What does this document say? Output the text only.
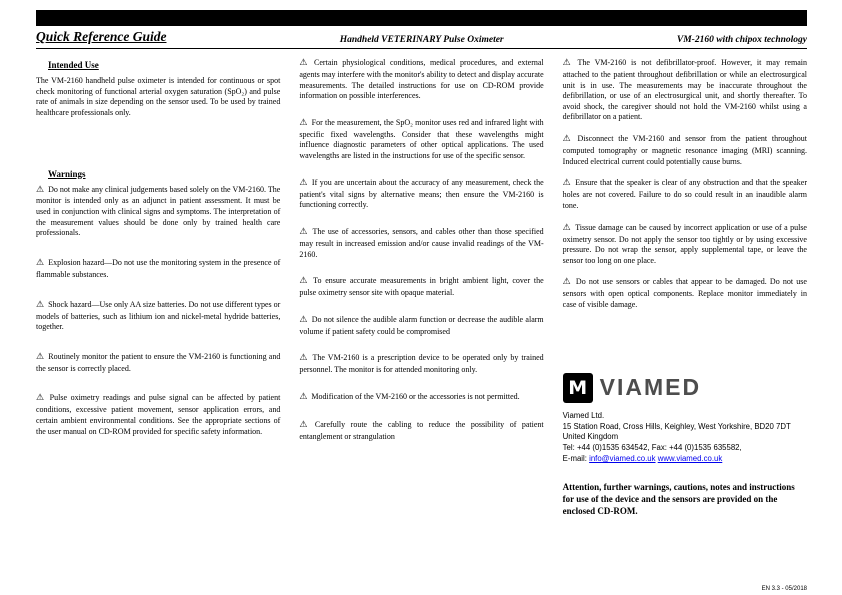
Quick Reference Guide	Handheld VETERINARY Pulse Oximeter	VM-2160 with chipox technology
Intended Use

The VM-2160 handheld pulse oximeter is intended for continuous or spot check monitoring of functional arterial oxygen saturation (SpO₂) and pulse rate of animals in size depending on the sensor used. To be used by trained healthcare professionals only.

Warnings

⚠ Do not make any clinical judgements based solely on the VM-2160. The monitor is intended only as an adjunct in patient assessment. It must be used in conjunction with clinical signs and symptoms. The interpretation of the measurement values should be done only by trained health care professionals.

⚠ Explosion hazard—Do not use the monitoring system in the presence of flammable substances.

⚠ Shock hazard—Use only AA size batteries. Do not use different types or models of batteries, such as lithium ion and nickel-metal hydride batteries, together.

⚠ Routinely monitor the patient to ensure the VM-2160 is functioning and the sensor is correctly placed.

⚠ Pulse oximetry readings and pulse signal can be affected by patient conditions, excessive patient movement, sensor application errors, and certain ambient environmental conditions. See the appropriate sections of the user manual on CD-ROM provided for specific safety information.

⚠ Certain physiological conditions, medical procedures, and external agents may interfere with the monitor's ability to detect and display accurate measurements. The detailed instructions for use on CD-ROM provide information on possible interferences.

⚠ For the measurement, the SpO₂ monitor uses red and infrared light with specific fixed wavelengths. Consider that these wavelengths might influence diagnostic parameters of other optical applications. The used wavelengths are listed in the instructions for use of the specific sensor.

⚠ If you are uncertain about the accuracy of any measurement, check the patient's vital signs by alternative means; then ensure the VM-2160 is functioning correctly.

⚠ The use of accessories, sensors, and cables other than those specified may result in increased emission and/or cause invalid readings of the VM-2160.

⚠ To ensure accurate measurements in bright ambient light, cover the pulse oximetry sensor site with opaque material.

⚠ Do not silence the audible alarm function or decrease the audible alarm volume if patient safety could be compromised

⚠ The VM-2160 is a prescription device to be operated only by trained personnel. The monitor is for attended monitoring only.

⚠ Modification of the VM-2160 or the accessories is not permitted.

⚠ Carefully route the cabling to reduce the possibility of patient entanglement or strangulation

⚠ The VM-2160 is not defibrillator-proof. However, it may remain attached to the patient throughout defibrillation or while an electrosurgical unit is in use. The measurements may be inaccurate throughout the defibrillation, or use of an electrosurgical unit, and shortly thereafter. To avoid shock, the caregiver should not hold the VM-2160 whilst using a defibrillator on a patient.

⚠ Disconnect the VM-2160 and sensor from the patient throughout computed tomography or magnetic resonance imaging (MRI) scanning. Induced electrical current could potentially cause burns.

⚠ Ensure that the speaker is clear of any obstruction and that the speaker holes are not covered. Failure to do so could result in an inaudible alarm tone.

⚠ Tissue damage can be caused by incorrect application or use of a pulse oximetry sensor. Do not apply the sensor too tightly or by using excessive pressure. Do not wrap the sensor, apply supplemental tape, or leave the sensor too long on one place.

⚠ Do not use sensors or cables that appear to be damaged. Do not use sensors with open optical components. Replace monitor immediately in case of visible damage.

M VIAMED
Viamed Ltd.
15 Station Road, Cross Hills, Keighley, West Yorkshire, BD20 7DT
United Kingdom
Tel: +44 (0)1535 634542, Fax: +44 (0)1535 635582,
E-mail: info@viamed.co.uk www.viamed.co.uk

Attention, further warnings, cautions, notes and instructions for use of the device and the sensors are provided on the enclosed CD-ROM.

EN 3.3 - 05/2018
